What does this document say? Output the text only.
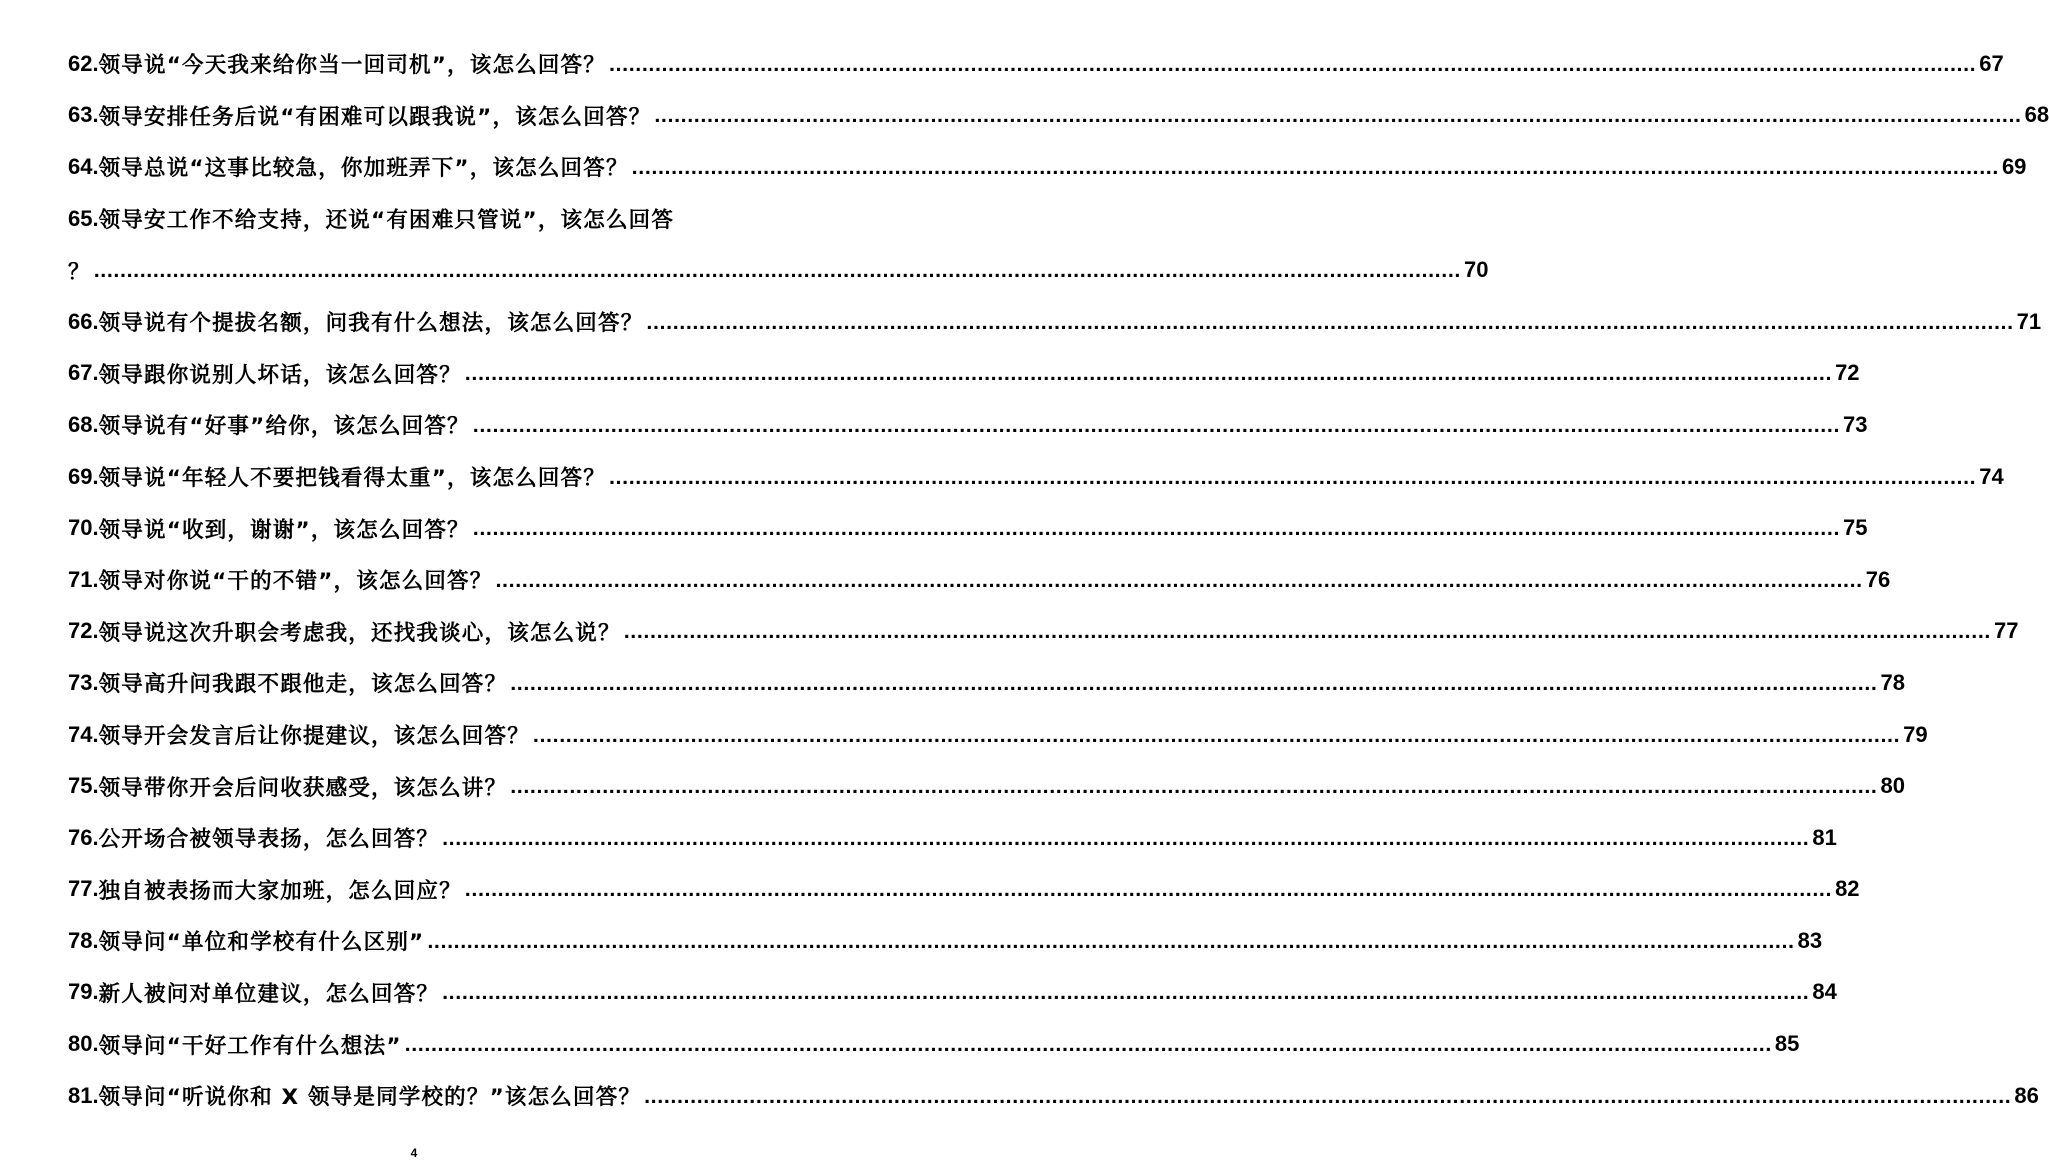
62. 领导说“今天我来给你当一回司机”，该怎么回答？ .....	67
63. 领导安排任务后说“有困难可以跟我说”，该怎么回答？ .....	68
64. 领导总说“这事比较急，你加班弄下”，该怎么回答？ .....	69
65. 领导安工作不给支持，还说“有困难只管说”，该怎么回答
？ .....	70
66. 领导说有个提拔名额，问我有什么想法，该怎么回答？ .....	71
67. 领导跟你说别人坏话，该怎么回答？ .....	72
68. 领导说有“好事”给你，该怎么回答？ .....	73
69. 领导说“年轻人不要把钱看得太重”，该怎么回答？ .....	74
70. 领导说“收到，谢谢”，该怎么回答？ .....	75
71. 领导对你说“干的不错”，该怎么回答？ .....	76
72. 领导说这次升职会考虑我，还找我谈心，该怎么说？ .....	77
73. 领导高升问我跟不跟他走，该怎么回答？ .....	78
74. 领导开会发言后让你提建议，该怎么回答？ .....	79
75. 领导带你开会后问收获感受，该怎么讲？ .....	80
76. 公开场合被领导表扬，怎么回答？ .....	81
77. 独自被表扬而大家加班，怎么回应？ .....	82
78. 领导问“单位和学校有什么区别” .....	83
79. 新人被问对单位建议，怎么回答？ .....	84
80. 领导问“干好工作有什么想法” .....	85
81. 领导问“听说你和 X 领导是同学校的？”该怎么回答？ .....	86
4
